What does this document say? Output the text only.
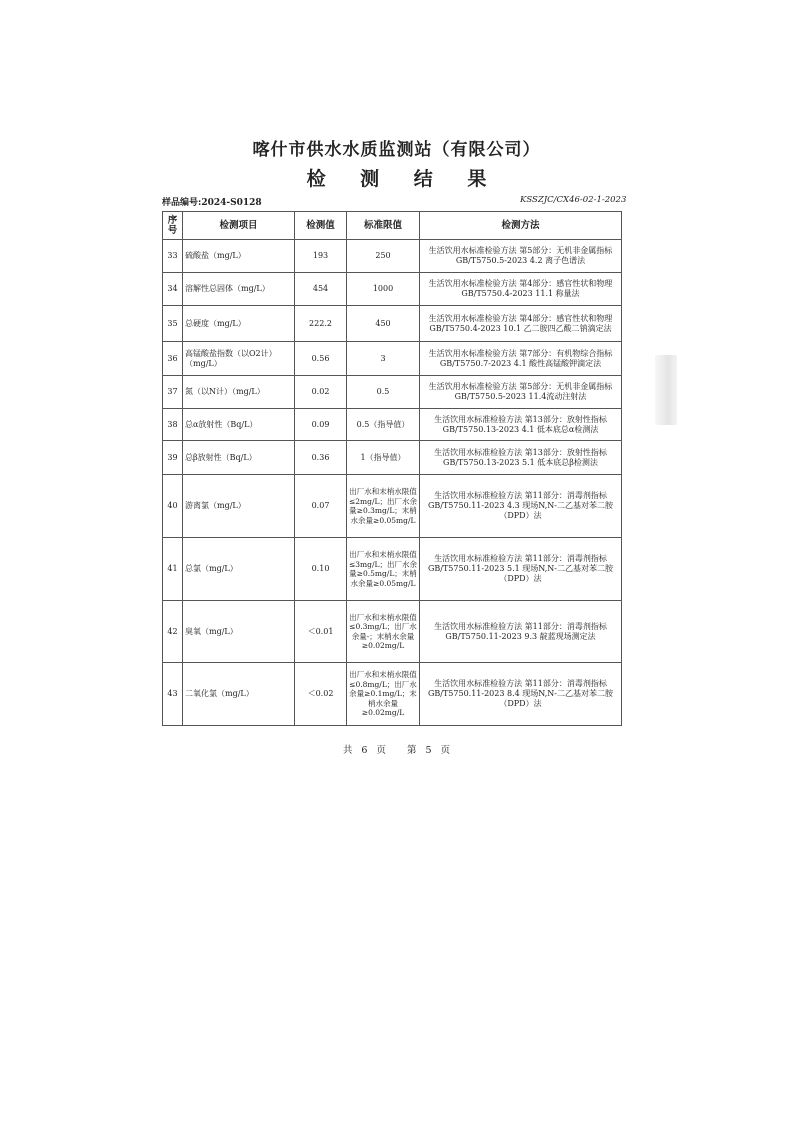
喀什市供水水质监测站（有限公司）
检 测 结 果
样品编号:2024-S0128	KSSZJC/CX46-02-1-2023
序号	检测项目	检测值	标准限值	检测方法
33	硫酸盐（mg/L）	193	250	生活饮用水标准检验方法 第5部分：无机非金属指标 GB/T5750.5-2023 4.2 离子色谱法
34	溶解性总固体（mg/L）	454	1000	生活饮用水标准检验方法 第4部分：感官性状和物理GB/T5750.4-2023 11.1 称量法
35	总硬度（mg/L）	222.2	450	生活饮用水标准检验方法 第4部分：感官性状和物理GB/T5750.4-2023 10.1 乙二胺四乙酸二钠滴定法
36	高锰酸盐指数（以O2计）（mg/L）	0.56	3	生活饮用水标准检验方法 第7部分：有机物综合指标 GB/T5750.7-2023 4.1 酸性高锰酸钾滴定法
37	氮（以N计）（mg/L）	0.02	0.5	生活饮用水标准检验方法 第5部分：无机非金属指标 GB/T5750.5-2023 11.4流动注射法
38	总α放射性（Bq/L）	0.09	0.5（指导值）	生活饮用水标准检验方法 第13部分：放射性指标GB/T5750.13-2023 4.1 低本底总α检测法
39	总β放射性（Bq/L）	0.36	1（指导值）	生活饮用水标准检验方法 第13部分：放射性指标GB/T5750.13-2023 5.1 低本底总β检测法
40	游离氯（mg/L）	0.07	出厂水和末梢水限值≤2mg/L；出厂水余量≥0.3mg/L；末梢水余量≥0.05mg/L	生活饮用水标准检验方法 第11部分：消毒剂指标 GB/T5750.11-2023 4.3 现场N,N-二乙基对苯二胺（DPD）法
41	总氯（mg/L）	0.10	出厂水和末梢水限值≤3mg/L；出厂水余量≥0.5mg/L；末梢水余量≥0.05mg/L	生活饮用水标准检验方法 第11部分：消毒剂指标 GB/T5750.11-2023 5.1 现场N,N-二乙基对苯二胺（DPD）法
42	臭氧（mg/L）	＜0.01	出厂水和末梢水限值≤0.3mg/L；出厂水余量-；末梢水余量≥0.02mg/L	生活饮用水标准检验方法 第11部分：消毒剂指标 GB/T5750.11-2023 9.3 靛蓝现场测定法
43	二氧化氯（mg/L）	＜0.02	出厂水和末梢水限值≤0.8mg/L；出厂水余量≥0.1mg/L；末梢水余量≥0.02mg/L	生活饮用水标准检验方法 第11部分：消毒剂指标 GB/T5750.11-2023 8.4 现场N,N-二乙基对苯二胺（DPD）法
共 6 页 第 5 页
